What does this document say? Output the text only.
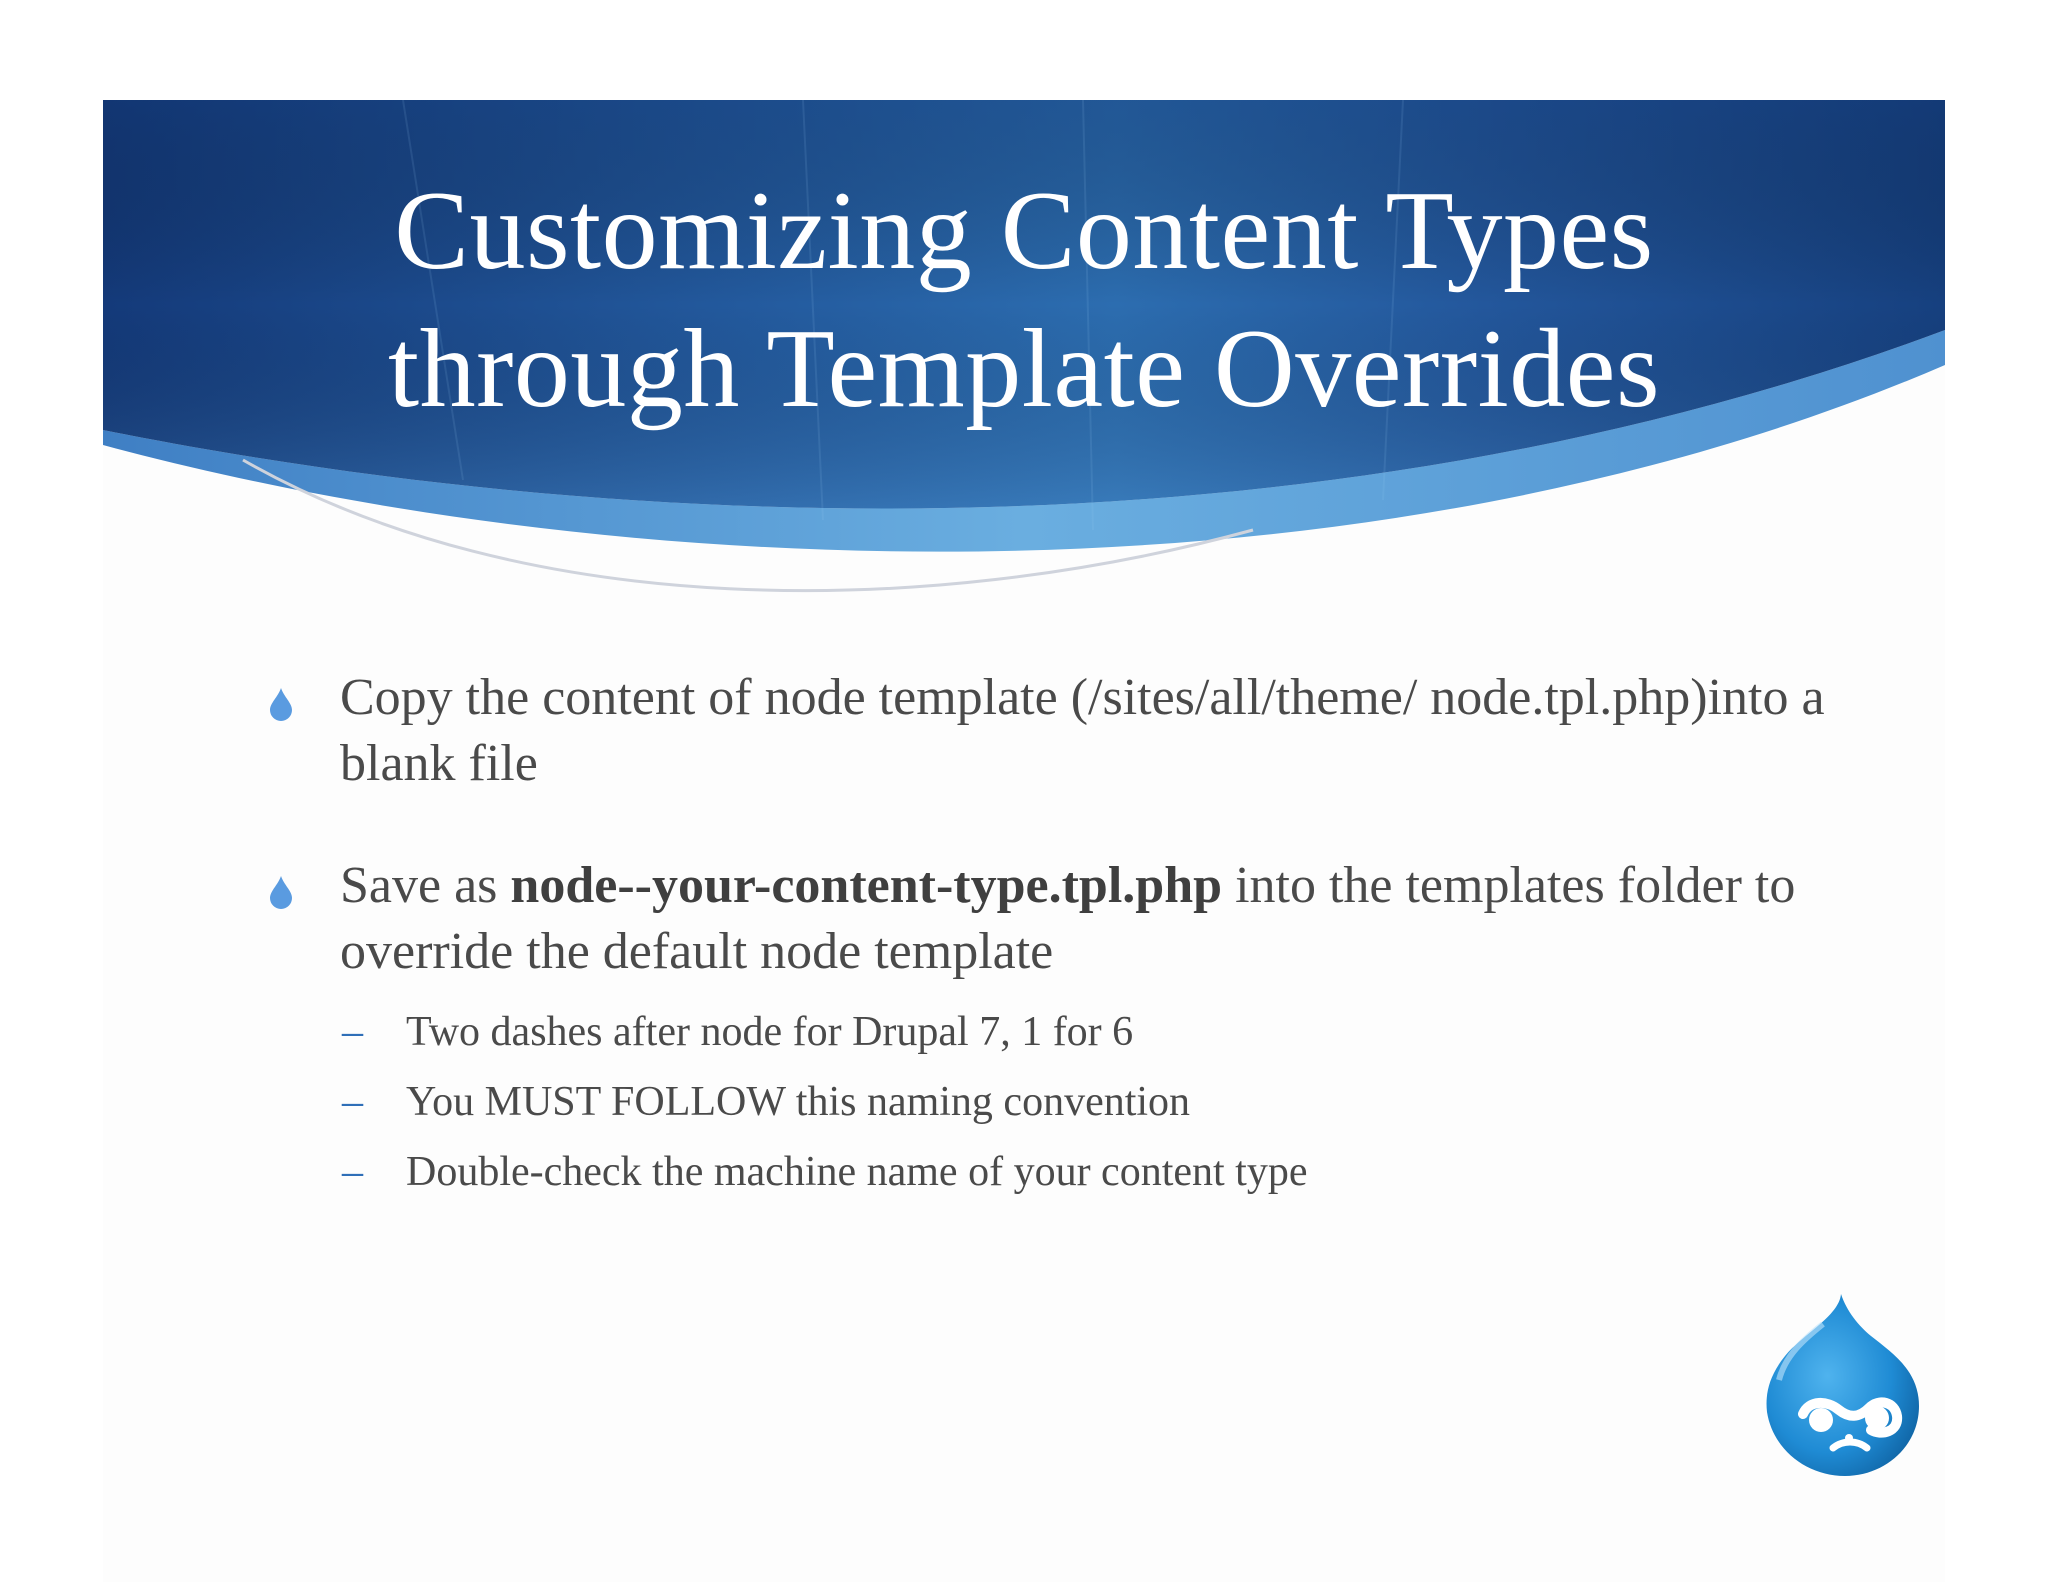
Customizing Content Types
through Template Overrides
Copy the content of node template (/sites/all/theme/ node.tpl.php)into a blank file
Save as node--your-content-type.tpl.php into the templates folder to override the default node template
– Two dashes after node for Drupal 7, 1 for 6
– You MUST FOLLOW this naming convention
– Double-check the machine name of your content type
